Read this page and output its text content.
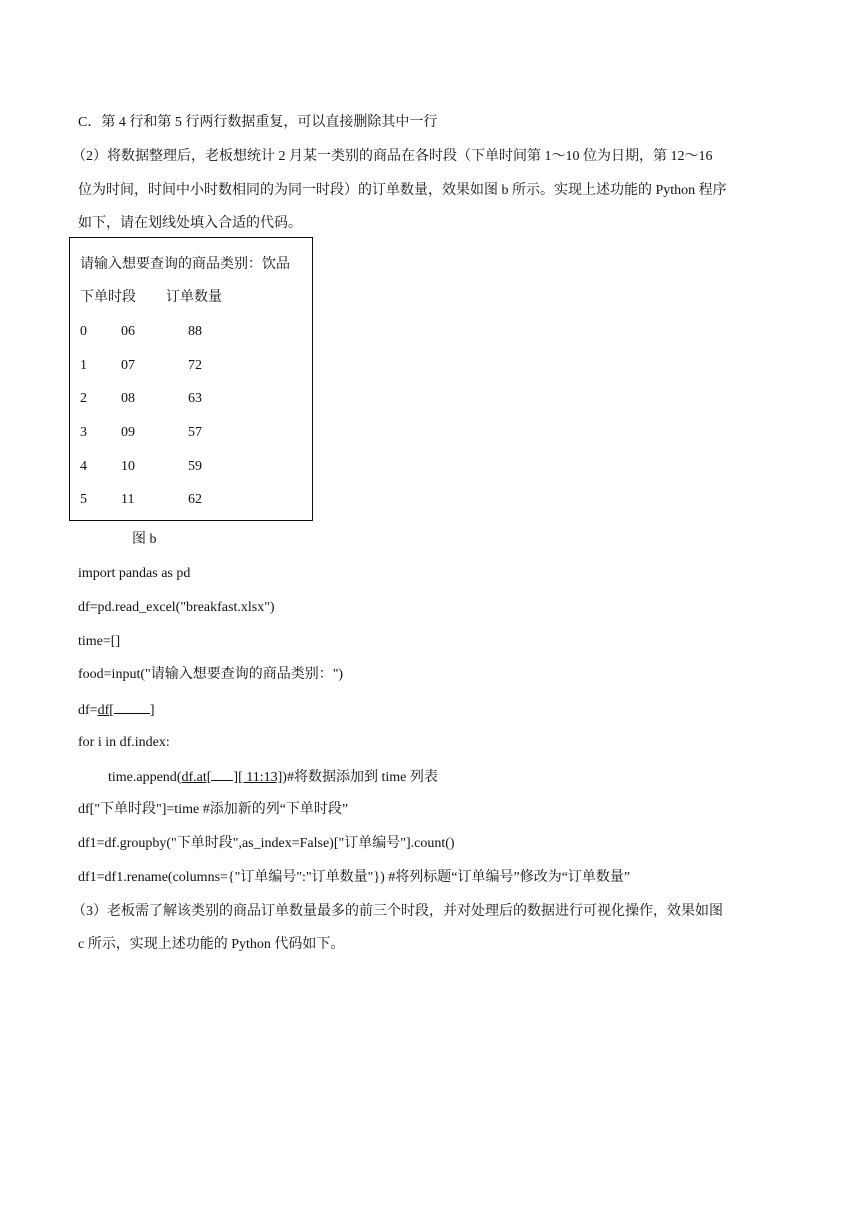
C．第 4 行和第 5 行两行数据重复，可以直接删除其中一行
（2）将数据整理后，老板想统计 2 月某一类别的商品在各时段（下单时间第 1～10 位为日期，第 12～16
位为时间，时间中小时数相同的为同一时段）的订单数量，效果如图 b 所示。实现上述功能的 Python 程序
如下，请在划线处填入合适的代码。
请输入想要查询的商品类别：饮品
下单时段 订单数量
0 06	88
1 07	72
2 08	63
3 09	57
4 10	59
5 11	62
图 b
import pandas as pd
df=pd.read_excel("breakfast.xlsx")
time=[]
food=input("请输入想要查询的商品类别：")
df=df[	]
for i in df.index:
time.append(df.at[ ][ 11:13])#将数据添加到 time 列表
df["下单时段"]=time #添加新的列“下单时段”
df1=df.groupby("下单时段",as_index=False)["订单编号"].count()
df1=df1.rename(columns={"订单编号":"订单数量"}) #将列标题“订单编号”修改为“订单数量”
（3）老板需了解该类别的商品订单数量最多的前三个时段，并对处理后的数据进行可视化操作，效果如图
c 所示，实现上述功能的 Python 代码如下。
